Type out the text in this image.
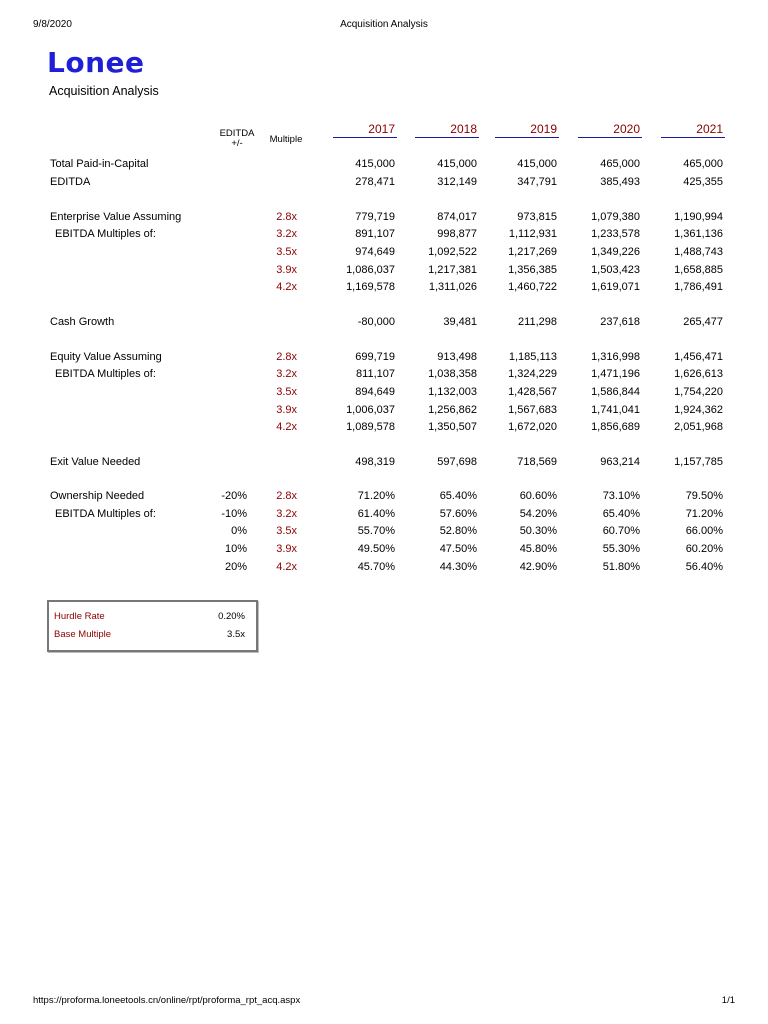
9/8/2020	Acquisition Analysis
Lonee
Acquisition Analysis
EDITDA
+/-	Multiple
2017	2018	2019	2020	2021
Total Paid-in-Capital	415,000	415,000	415,000	465,000	465,000
EDITDA	278,471	312,149	347,791	385,493	425,355
Enterprise Value Assuming
EBITDA Multiples of:
2.8x	779,719	874,017	973,815	1,079,380	1,190,994
3.2x	891,107	998,877	1,112,931	1,233,578	1,361,136
3.5x	974,649	1,092,522	1,217,269	1,349,226	1,488,743
3.9x	1,086,037	1,217,381	1,356,385	1,503,423	1,658,885
4.2x	1,169,578	1,311,026	1,460,722	1,619,071	1,786,491
Cash Growth	-80,000	39,481	211,298	237,618	265,477
Equity Value Assuming
EBITDA Multiples of:
2.8x	699,719	913,498	1,185,113	1,316,998	1,456,471
3.2x	811,107	1,038,358	1,324,229	1,471,196	1,626,613
3.5x	894,649	1,132,003	1,428,567	1,586,844	1,754,220
3.9x	1,006,037	1,256,862	1,567,683	1,741,041	1,924,362
4.2x	1,089,578	1,350,507	1,672,020	1,856,689	2,051,968
Exit Value Needed	498,319	597,698	718,569	963,214	1,157,785
Ownership Needed
EBITDA Multiples of:
-20%	2.8x	71.20%	65.40%	60.60%	73.10%	79.50%
-10%	3.2x	61.40%	57.60%	54.20%	65.40%	71.20%
0%	3.5x	55.70%	52.80%	50.30%	60.70%	66.00%
10%	3.9x	49.50%	47.50%	45.80%	55.30%	60.20%
20%	4.2x	45.70%	44.30%	42.90%	51.80%	56.40%
Hurdle Rate	0.20%
Base Multiple	3.5x
https://proforma.loneetools.cn/online/rpt/proforma_rpt_acq.aspx	1/1
